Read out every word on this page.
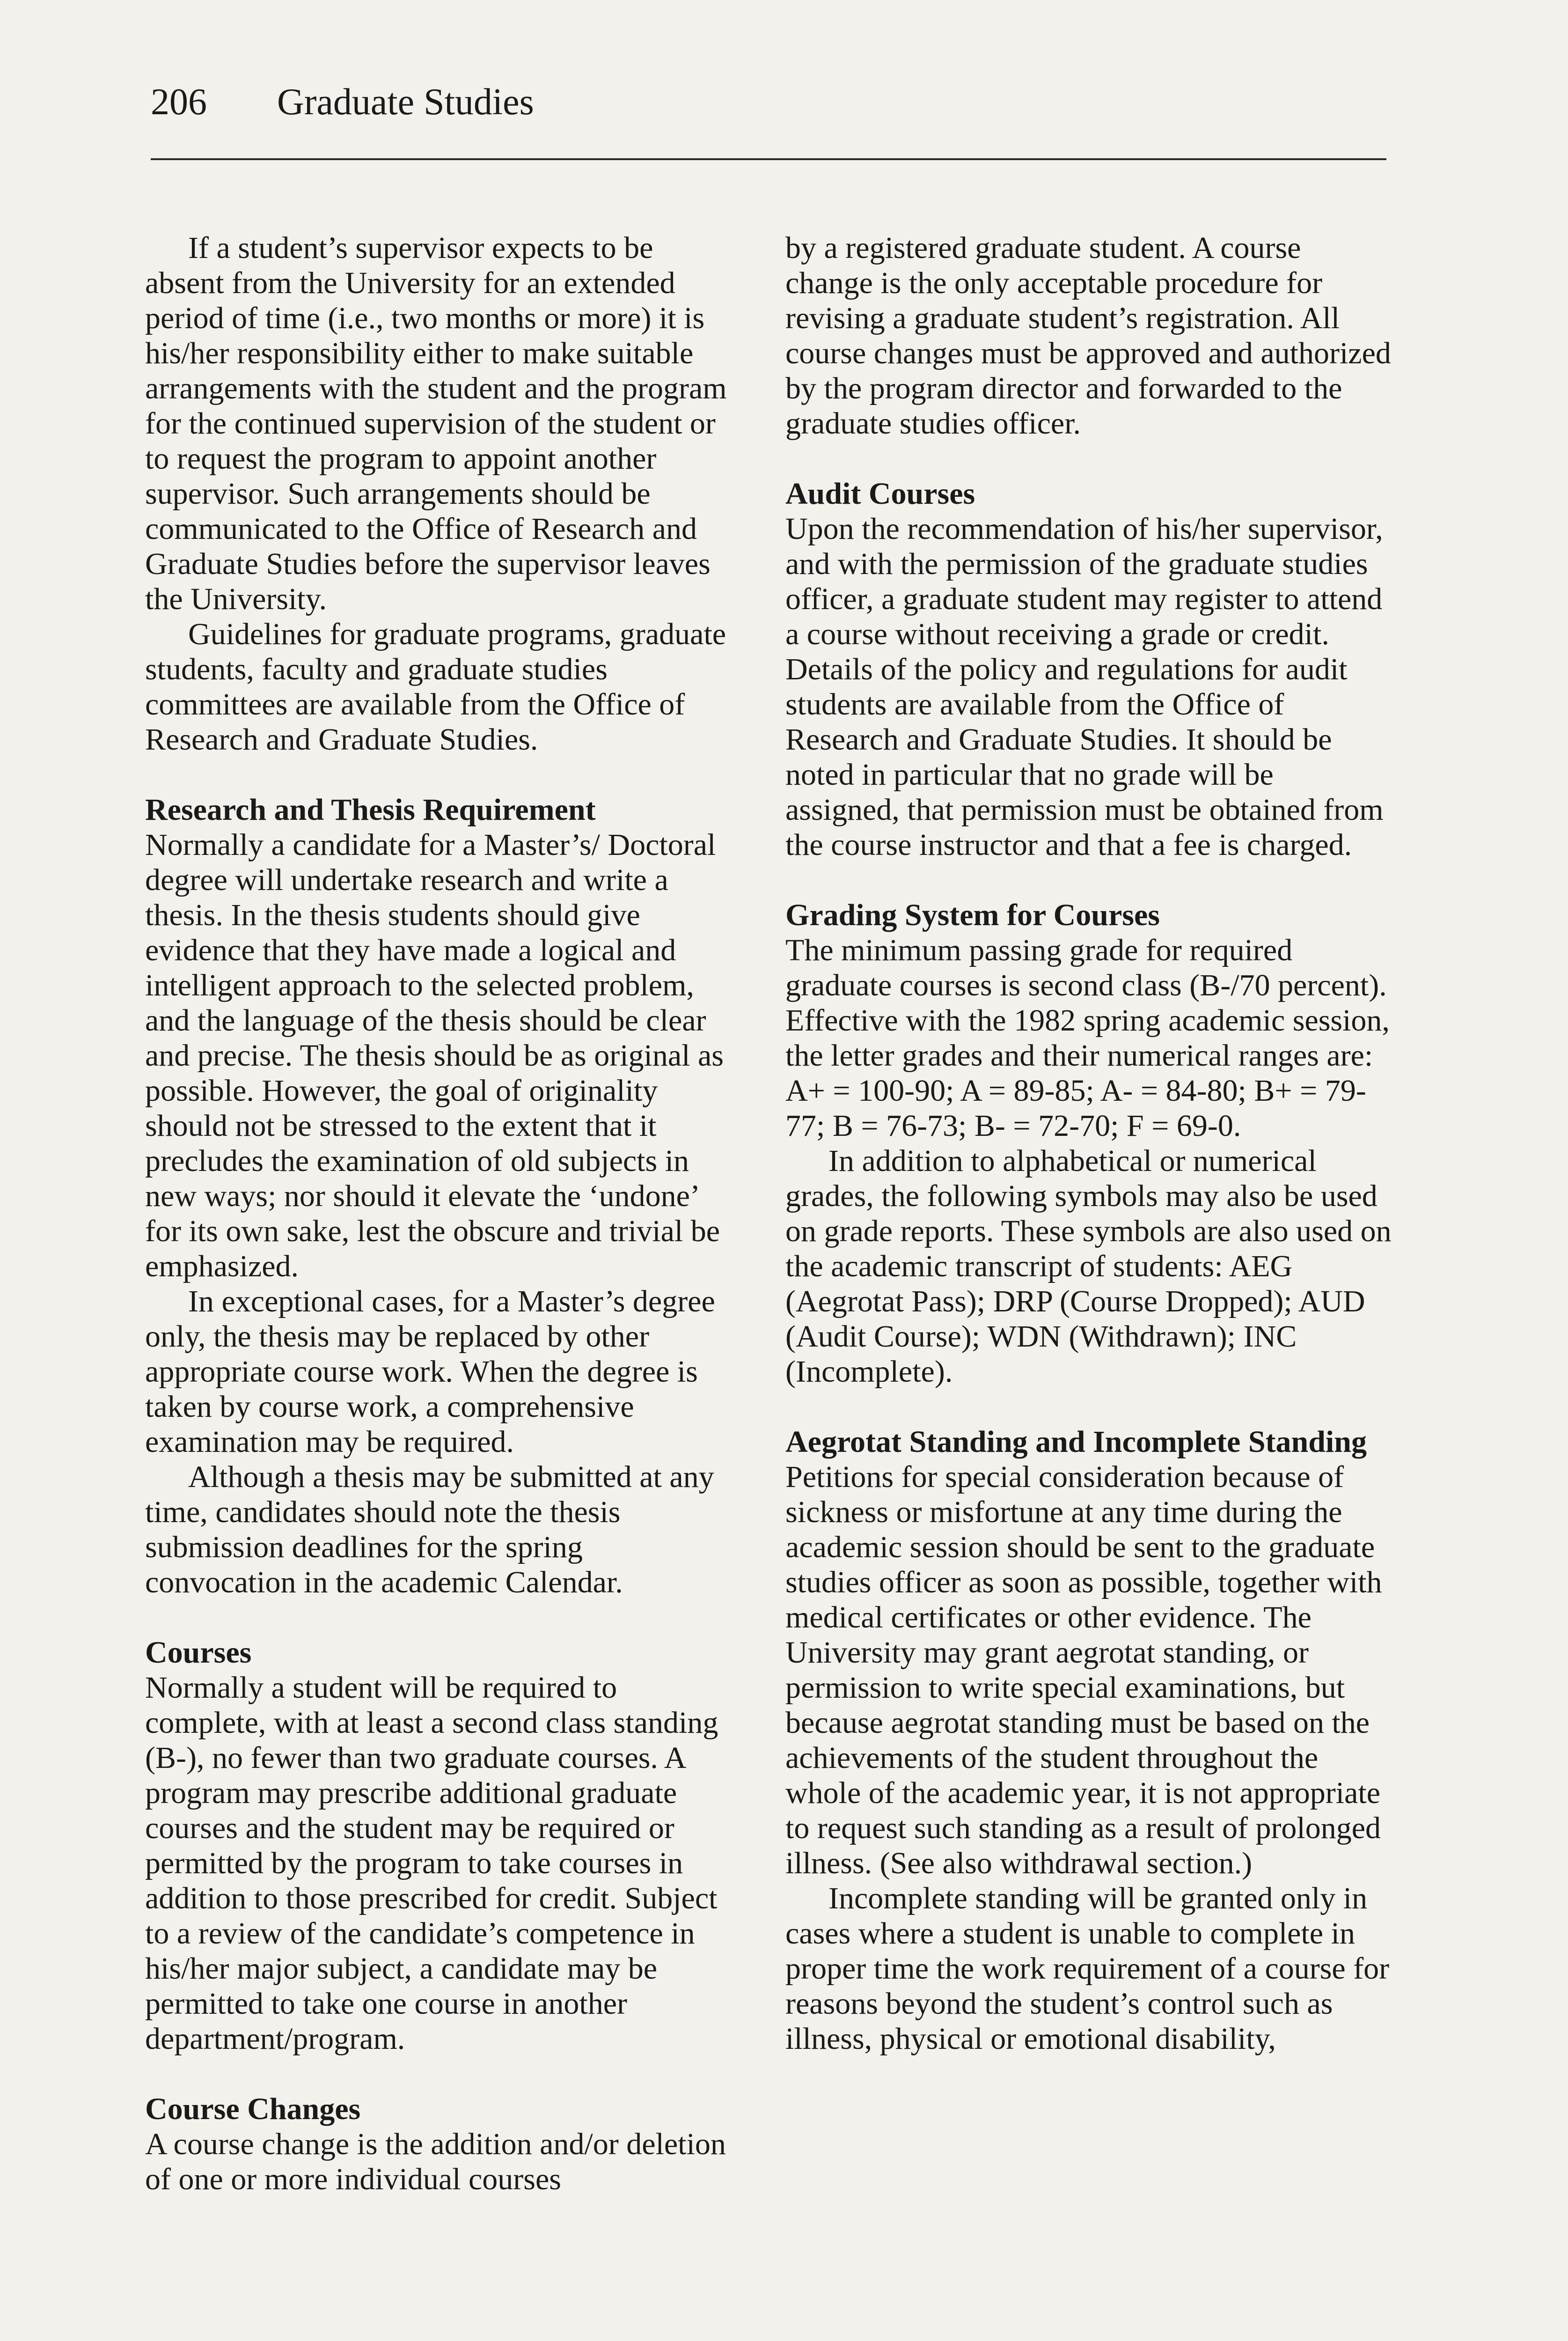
206 Graduate Studies

If a student’s supervisor expects to be absent from the University for an extended period of time (i.e., two months or more) it is his/her responsibility either to make suitable arrangements with the student and the program for the continued supervision of the student or to request the program to appoint another supervisor. Such arrangements should be communicated to the Office of Research and Graduate Studies before the supervisor leaves the University.

Guidelines for graduate programs, graduate students, faculty and graduate studies committees are available from the Office of Research and Graduate Studies.

Research and Thesis Requirement

Normally a candidate for a Master’s/ Doctoral degree will undertake research and write a thesis. In the thesis students should give evidence that they have made a logical and intelligent approach to the selected problem, and the language of the thesis should be clear and precise. The thesis should be as original as possible. However, the goal of originality should not be stressed to the extent that it precludes the examination of old subjects in new ways; nor should it elevate the ‘undone’ for its own sake, lest the obscure and trivial be emphasized.

In exceptional cases, for a Master’s degree only, the thesis may be replaced by other appropriate course work. When the degree is taken by course work, a comprehensive examination may be required.

Although a thesis may be submitted at any time, candidates should note the thesis submission deadlines for the spring convocation in the academic Calendar.

Courses

Normally a student will be required to complete, with at least a second class standing (B-), no fewer than two graduate courses. A program may prescribe additional graduate courses and the student may be required or permitted by the program to take courses in addition to those prescribed for credit. Subject to a review of the candidate’s competence in his/her major subject, a candidate may be permitted to take one course in another department/program.

Course Changes

A course change is the addition and/or deletion of one or more individual courses

by a registered graduate student. A course change is the only acceptable procedure for revising a graduate student’s registration. All course changes must be approved and authorized by the program director and forwarded to the graduate studies officer.

Audit Courses

Upon the recommendation of his/her supervisor, and with the permission of the graduate studies officer, a graduate student may register to attend a course without receiving a grade or credit. Details of the policy and regulations for audit students are available from the Office of Research and Graduate Studies. It should be noted in particular that no grade will be assigned, that permission must be obtained from the course instructor and that a fee is charged.

Grading System for Courses

The minimum passing grade for required graduate courses is second class (B-/70 percent). Effective with the 1982 spring academic session, the letter grades and their numerical ranges are: A+ = 100-90; A = 89-85; A- = 84-80; B+ = 79-77; B = 76-73; B- = 72-70; F = 69-0.

In addition to alphabetical or numerical grades, the following symbols may also be used on grade reports. These symbols are also used on the academic transcript of students: AEG (Aegrotat Pass); DRP (Course Dropped); AUD (Audit Course); WDN (Withdrawn); INC (Incomplete).

Aegrotat Standing and Incomplete Standing

Petitions for special consideration because of sickness or misfortune at any time during the academic session should be sent to the graduate studies officer as soon as possible, together with medical certificates or other evidence. The University may grant aegrotat standing, or permission to write special examinations, but because aegrotat standing must be based on the achievements of the student throughout the whole of the academic year, it is not appropriate to request such standing as a result of prolonged illness. (See also withdrawal section.)

Incomplete standing will be granted only in cases where a student is unable to complete in proper time the work requirement of a course for reasons beyond the student’s control such as illness, physical or emotional disability,
